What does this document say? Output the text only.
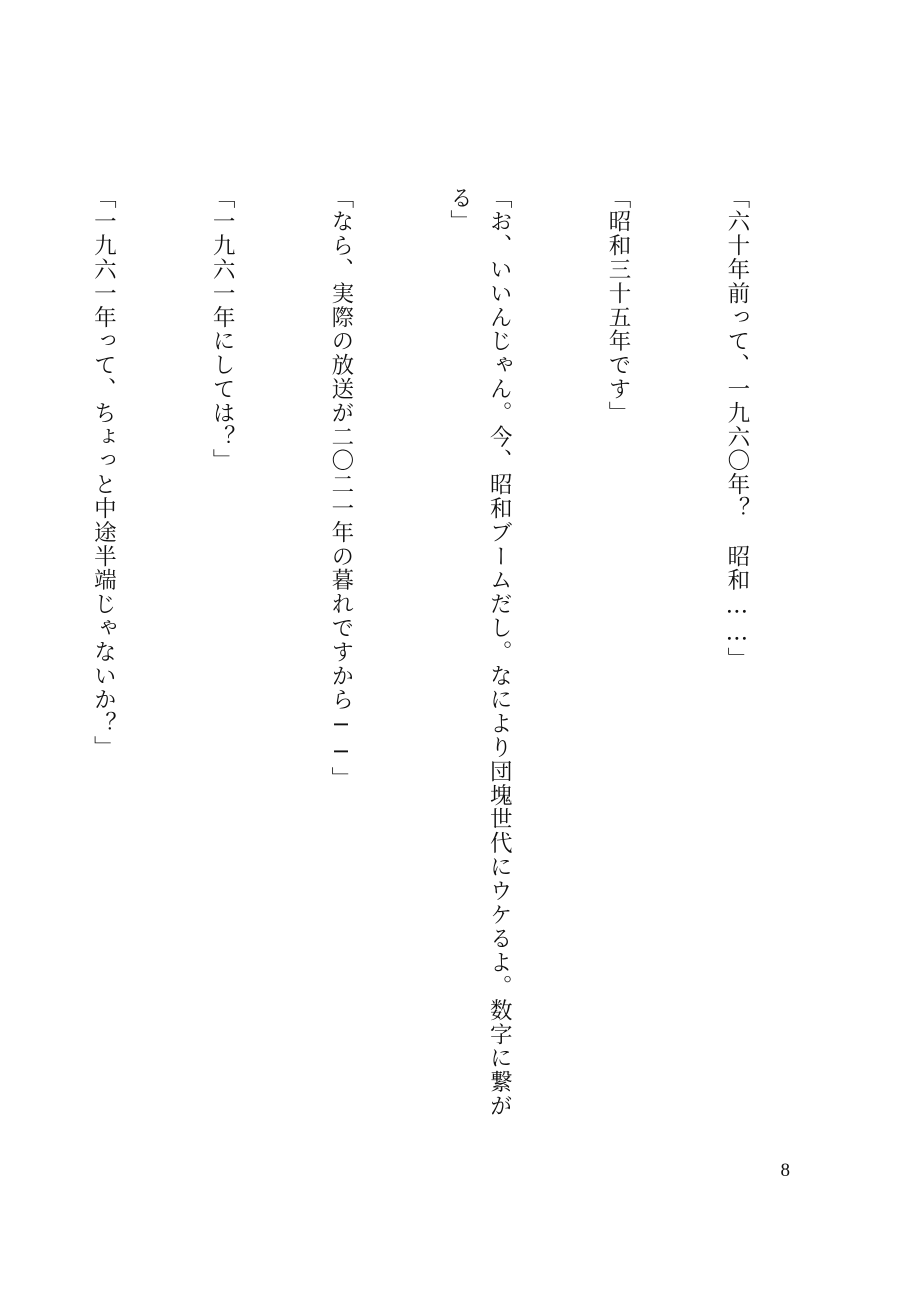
「六十年前って、一九六〇年？　昭和……」

「昭和三十五年です」

「お、いいんじゃん。今、昭和ブームだし。なにより団塊世代にウケるよ。数字に繋がる」

「なら、実際の放送が二〇二一年の暮れですから──」

「一九六一年にしては？」

「一九六一年って、ちょっと中途半端じゃないか？」

8
